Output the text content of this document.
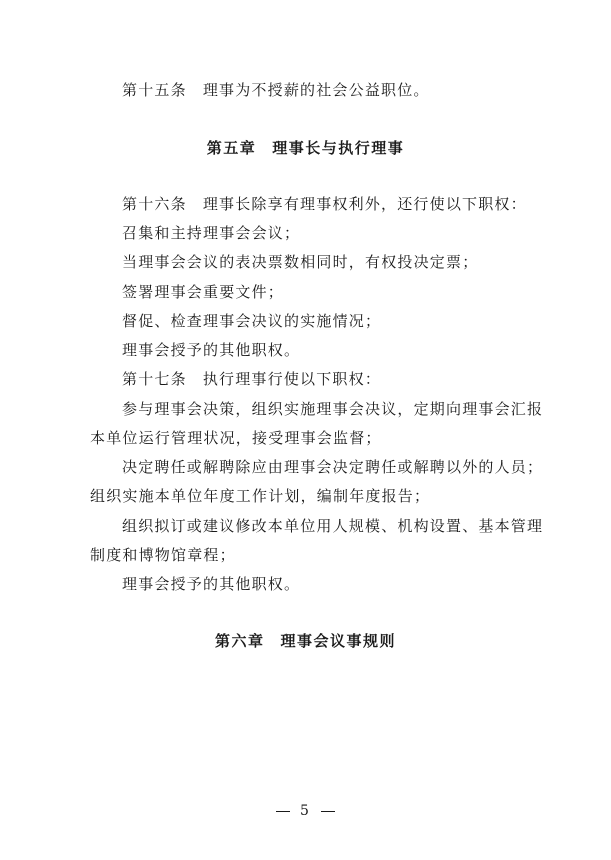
第十五条 理事为不授薪的社会公益职位。
第五章 理事长与执行理事
第十六条 理事长除享有理事权利外，还行使以下职权：
召集和主持理事会会议；
当理事会会议的表决票数相同时，有权投决定票；
签署理事会重要文件；
督促、检查理事会决议的实施情况；
理事会授予的其他职权。
第十七条 执行理事行使以下职权：
参与理事会决策，组织实施理事会决议，定期向理事会汇报
本单位运行管理状况，接受理事会监督；
决定聘任或解聘除应由理事会决定聘任或解聘以外的人员；
组织实施本单位年度工作计划，编制年度报告；
组织拟订或建议修改本单位用人规模、机构设置、基本管理
制度和博物馆章程；
理事会授予的其他职权。
第六章 理事会议事规则
5
